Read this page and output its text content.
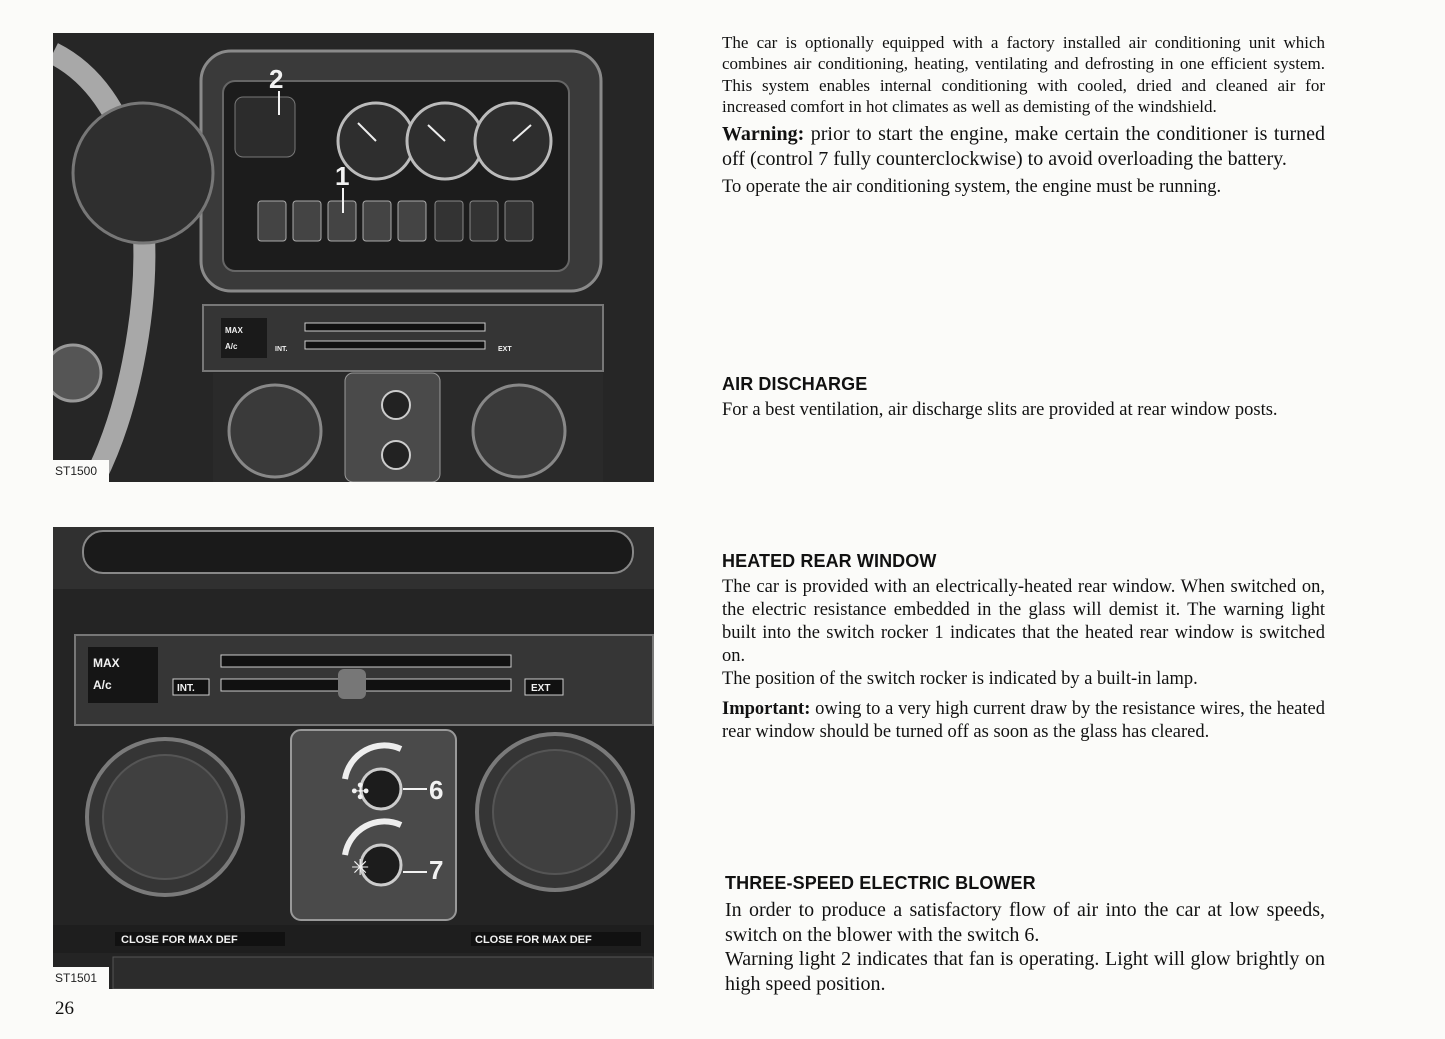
MAX
A/c	INT.	EXT
2
1
ST1500
MAX
A/c	INT.	EXT
✣
✳
6
7
CLOSE FOR MAX DEF	CLOSE FOR MAX DEF
ST1501

The car is optionally equipped with a factory installed air conditioning unit which combines air conditioning, heating, ventilating and defrosting in one efficient system. This system enables internal conditioning with cooled, dried and cleaned air for increased comfort in hot climates as well as demisting of the windshield.

Warning: prior to start the engine, make certain the conditioner is turned off (control 7 fully counterclockwise) to avoid overloading the battery.

To operate the air conditioning system, the engine must be running.

AIR DISCHARGE

For a best ventilation, air discharge slits are provided at rear window posts.

HEATED REAR WINDOW

The car is provided with an electrically-heated rear window. When switched on, the electric resistance embedded in the glass will demist it. The warning light built into the switch rocker 1 indicates that the heated rear window is switched on.

The position of the switch rocker is indicated by a built-in lamp.

Important: owing to a very high current draw by the resistance wires, the heated rear window should be turned off as soon as the glass has cleared.

THREE-SPEED ELECTRIC BLOWER

In order to produce a satisfactory flow of air into the car at low speeds, switch on the blower with the switch 6.

Warning light 2 indicates that fan is operating. Light will glow brightly on high speed position.

26
